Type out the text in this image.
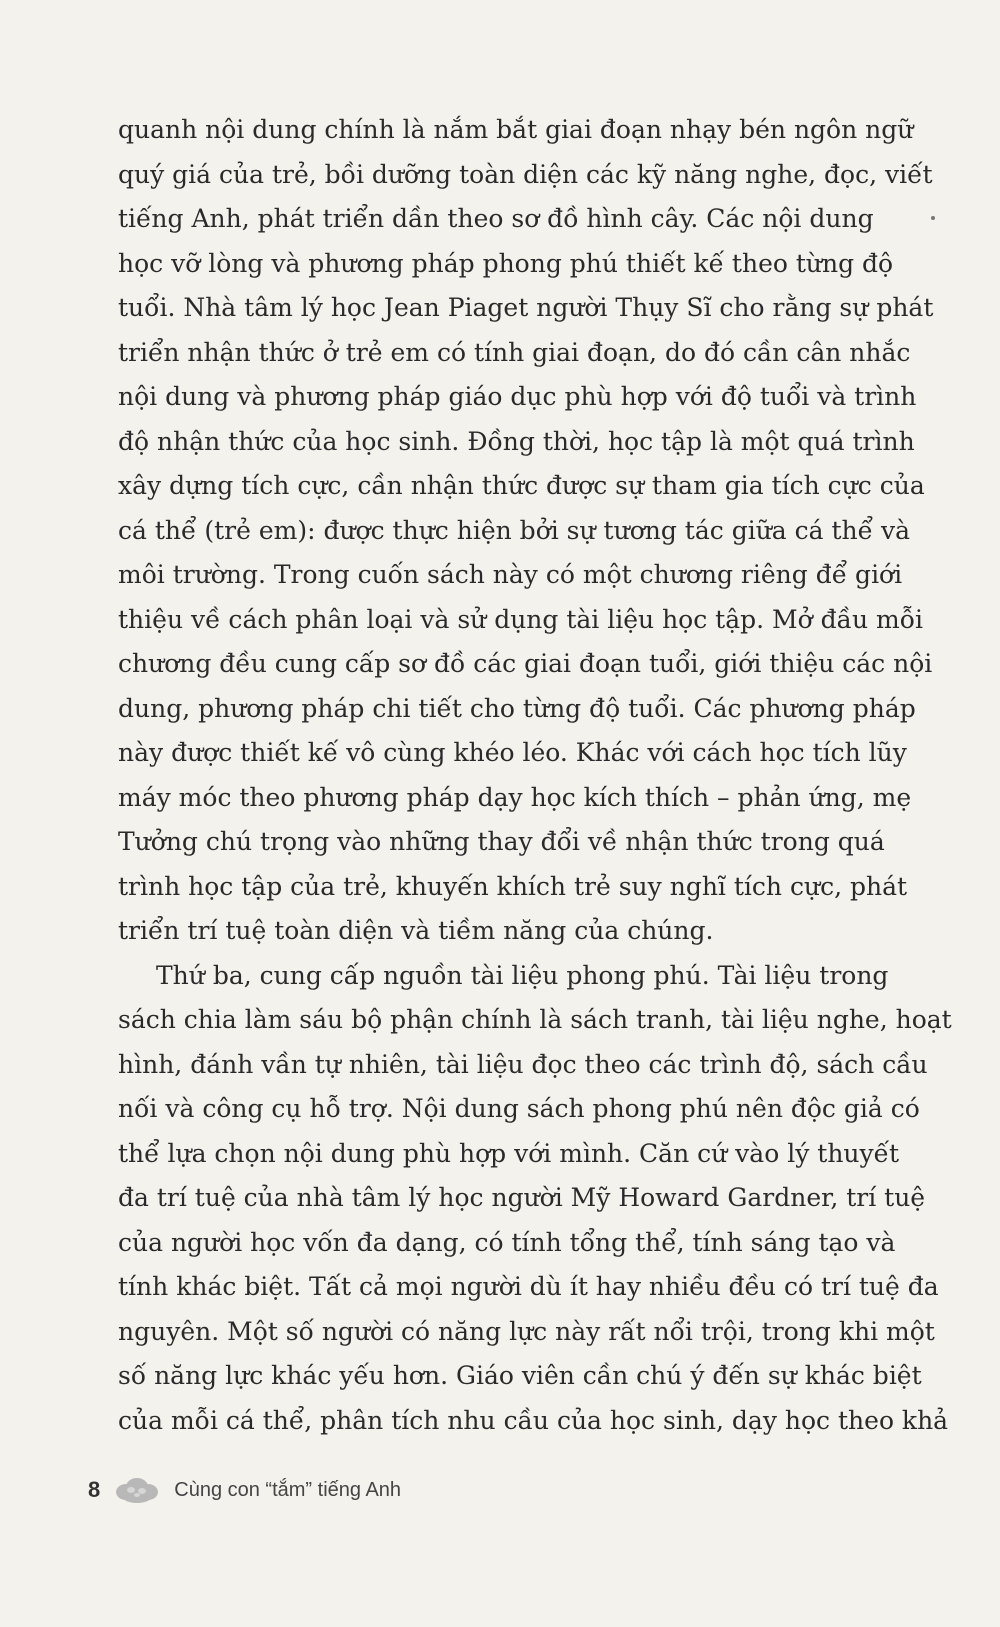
quanh nội dung chính là nắm bắt giai đoạn nhạy bén ngôn ngữ
quý giá của trẻ, bồi dưỡng toàn diện các kỹ năng nghe, đọc, viết
tiếng Anh, phát triển dần theo sơ đồ hình cây. Các nội dung
học vỡ lòng và phương pháp phong phú thiết kế theo từng độ
tuổi. Nhà tâm lý học Jean Piaget người Thụy Sĩ cho rằng sự phát
triển nhận thức ở trẻ em có tính giai đoạn, do đó cần cân nhắc
nội dung và phương pháp giáo dục phù hợp với độ tuổi và trình
độ nhận thức của học sinh. Đồng thời, học tập là một quá trình
xây dựng tích cực, cần nhận thức được sự tham gia tích cực của
cá thể (trẻ em): được thực hiện bởi sự tương tác giữa cá thể và
môi trường. Trong cuốn sách này có một chương riêng để giới
thiệu về cách phân loại và sử dụng tài liệu học tập. Mở đầu mỗi
chương đều cung cấp sơ đồ các giai đoạn tuổi, giới thiệu các nội
dung, phương pháp chi tiết cho từng độ tuổi. Các phương pháp
này được thiết kế vô cùng khéo léo. Khác với cách học tích lũy
máy móc theo phương pháp dạy học kích thích – phản ứng, mẹ
Tưởng chú trọng vào những thay đổi về nhận thức trong quá
trình học tập của trẻ, khuyến khích trẻ suy nghĩ tích cực, phát
triển trí tuệ toàn diện và tiềm năng của chúng.
Thứ ba, cung cấp nguồn tài liệu phong phú. Tài liệu trong
sách chia làm sáu bộ phận chính là sách tranh, tài liệu nghe, hoạt
hình, đánh vần tự nhiên, tài liệu đọc theo các trình độ, sách cầu
nối và công cụ hỗ trợ. Nội dung sách phong phú nên độc giả có
thể lựa chọn nội dung phù hợp với mình. Căn cứ vào lý thuyết
đa trí tuệ của nhà tâm lý học người Mỹ Howard Gardner, trí tuệ
của người học vốn đa dạng, có tính tổng thể, tính sáng tạo và
tính khác biệt. Tất cả mọi người dù ít hay nhiều đều có trí tuệ đa
nguyên. Một số người có năng lực này rất nổi trội, trong khi một
số năng lực khác yếu hơn. Giáo viên cần chú ý đến sự khác biệt
của mỗi cá thể, phân tích nhu cầu của học sinh, dạy học theo khả
8	Cùng con “tắm” tiếng Anh
